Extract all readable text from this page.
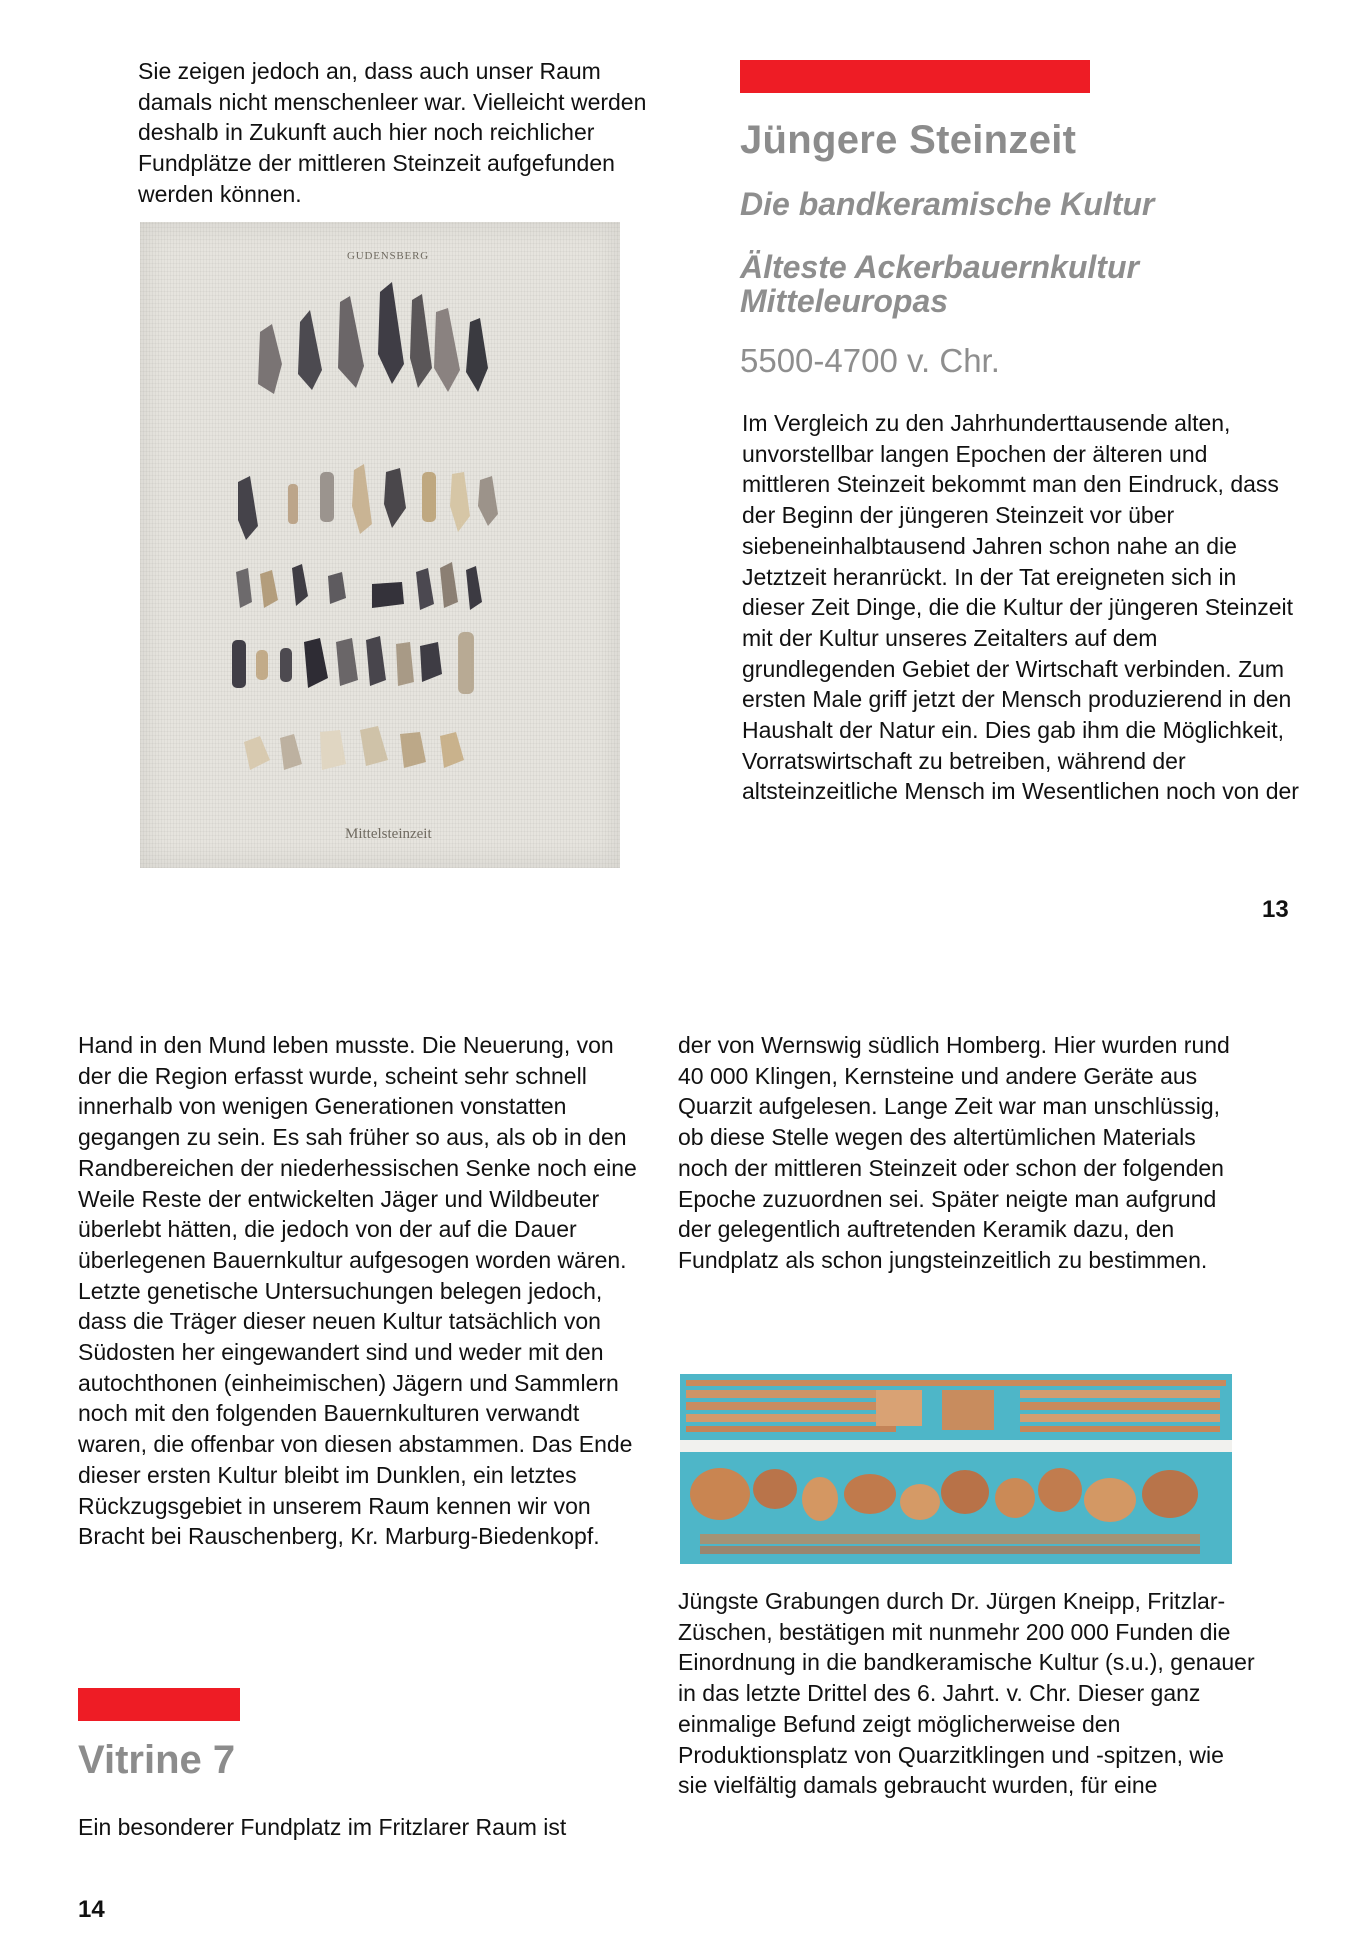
Sie zeigen jedoch an, dass auch unser Raum damals nicht menschenleer war. Vielleicht werden deshalb in Zukunft auch hier noch reichlicher Fundplätze der mittleren Steinzeit aufgefunden werden können.

GUDENSBERG
Mittelsteinzeit
Jüngere Steinzeit
Die bandkeramische Kultur
Älteste Ackerbauernkultur Mitteleuropas
5500-4700 v. Chr.

Im Vergleich zu den Jahrhunderttausende alten, unvorstellbar langen Epochen der älteren und mittleren Steinzeit bekommt man den Eindruck, dass der Beginn der jüngeren Steinzeit vor über siebeneinhalbtausend Jahren schon nahe an die Jetztzeit heranrückt. In der Tat ereigneten sich in dieser Zeit Dinge, die die Kultur der jüngeren Steinzeit mit der Kultur unseres Zeitalters auf dem grundlegenden Gebiet der Wirtschaft verbinden. Zum ersten Male griff jetzt der Mensch produzierend in den Haushalt der Natur ein. Dies gab ihm die Möglichkeit, Vorratswirtschaft zu betreiben, während der altsteinzeitliche Mensch im Wesentlichen noch von der

13

Hand in den Mund leben musste. Die Neuerung, von der die Region erfasst wurde, scheint sehr schnell innerhalb von wenigen Generationen vonstatten gegangen zu sein. Es sah früher so aus, als ob in den Randbereichen der niederhessischen Senke noch eine Weile Reste der entwickelten Jäger und Wildbeuter überlebt hätten, die jedoch von der auf die Dauer überlegenen Bauernkultur aufgesogen worden wären. Letzte genetische Untersuchungen belegen jedoch, dass die Träger dieser neuen Kultur tatsächlich von Südosten her eingewandert sind und weder mit den autochthonen (einheimischen) Jägern und Sammlern noch mit den folgenden Bauernkulturen verwandt waren, die offenbar von diesen abstammen. Das Ende dieser ersten Kultur bleibt im Dunklen, ein letztes Rückzugsgebiet in unserem Raum kennen wir von Bracht bei Rauschenberg, Kr. Marburg-Biedenkopf.

Vitrine 7

Ein besonderer Fundplatz im Fritzlarer Raum ist

der von Wernswig südlich Homberg. Hier wurden rund 40 000 Klingen, Kernsteine und andere Geräte aus Quarzit aufgelesen. Lange Zeit war man unschlüssig, ob diese Stelle wegen des altertümlichen Materials noch der mittleren Steinzeit oder schon der folgenden Epoche zuzuordnen sei. Später neigte man aufgrund der gelegentlich auftretenden Keramik dazu, den Fundplatz als schon jungsteinzeitlich zu bestimmen.

Jüngste Grabungen durch Dr. Jürgen Kneipp, Fritzlar-Züschen, bestätigen mit nunmehr 200 000 Funden die Einordnung in die bandkeramische Kultur (s.u.), genauer in das letzte Drittel des 6. Jahrt. v. Chr. Dieser ganz einmalige Befund zeigt möglicherweise den Produktionsplatz von Quarzitklingen und -spitzen, wie sie vielfältig damals gebraucht wurden, für eine

14
